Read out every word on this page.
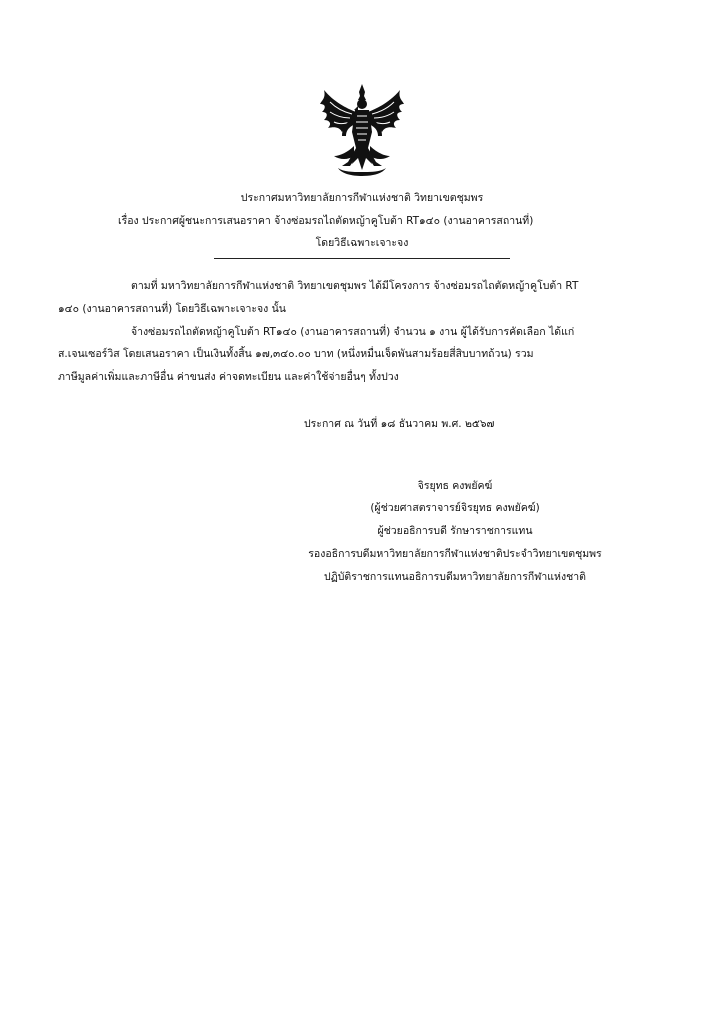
ประกาศมหาวิทยาลัยการกีฬาแห่งชาติ วิทยาเขตชุมพร
เรื่อง ประกาศผู้ชนะการเสนอราคา จ้างซ่อมรถไถตัดหญ้าคูโบต้า RT๑๔๐ (งานอาคารสถานที่)
โดยวิธีเฉพาะเจาะจง
ตามที่ มหาวิทยาลัยการกีฬาแห่งชาติ วิทยาเขตชุมพร ได้มีโครงการ จ้างซ่อมรถไถตัดหญ้าคูโบต้า RT
๑๔๐ (งานอาคารสถานที่) โดยวิธีเฉพาะเจาะจง นั้น
จ้างซ่อมรถไถตัดหญ้าคูโบต้า RT๑๔๐ (งานอาคารสถานที่) จำนวน ๑ งาน ผู้ได้รับการคัดเลือก ได้แก่
ส.เจนเซอร์วิส โดยเสนอราคา เป็นเงินทั้งสิ้น ๑๗,๓๔๐.๐๐ บาท (หนึ่งหมื่นเจ็ดพันสามร้อยสี่สิบบาทถ้วน) รวม
ภาษีมูลค่าเพิ่มและภาษีอื่น ค่าขนส่ง ค่าจดทะเบียน และค่าใช้จ่ายอื่นๆ ทั้งปวง
ประกาศ ณ วันที่ ๑๘ ธันวาคม พ.ศ. ๒๕๖๗
จิรยุทธ คงพยัคฆ์
(ผู้ช่วยศาสตราจารย์จิรยุทธ คงพยัคฆ์)
ผู้ช่วยอธิการบดี รักษาราชการแทน
รองอธิการบดีมหาวิทยาลัยการกีฬาแห่งชาติประจำวิทยาเขตชุมพร
ปฏิบัติราชการแทนอธิการบดีมหาวิทยาลัยการกีฬาแห่งชาติ
